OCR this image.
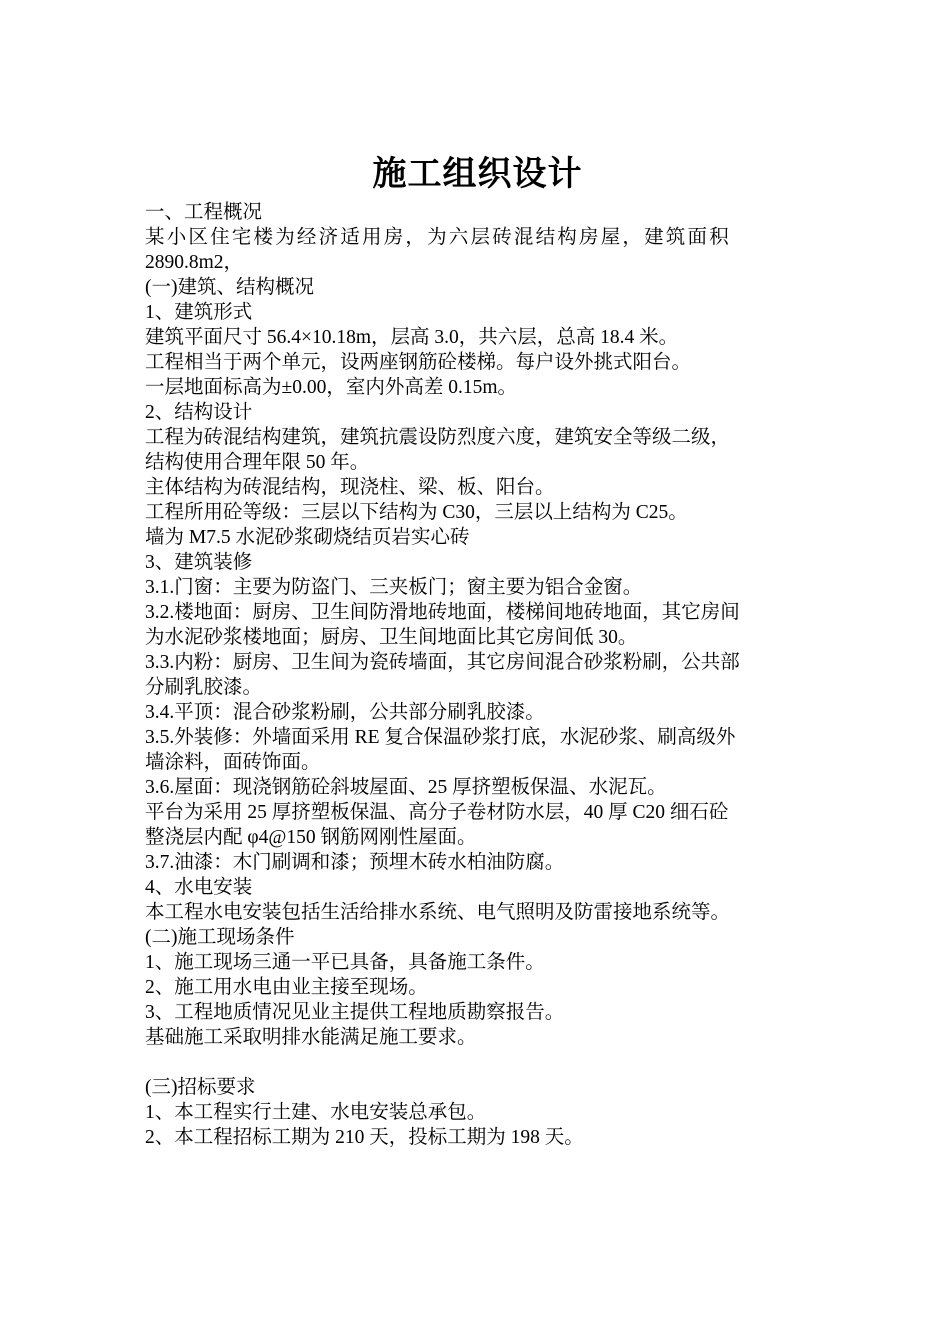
施工组织设计
一、工程概况
某小区住宅楼为经济适用房，为六层砖混结构房屋，建筑面积
2890.8m2，
(一)建筑、结构概况
1、建筑形式
建筑平面尺寸 56.4×10.18m，层高 3.0，共六层，总高 18.4 米。
工程相当于两个单元，设两座钢筋砼楼梯。每户设外挑式阳台。
一层地面标高为±0.00，室内外高差 0.15m。
2、结构设计
工程为砖混结构建筑，建筑抗震设防烈度六度，建筑安全等级二级，
结构使用合理年限 50 年。
主体结构为砖混结构，现浇柱、梁、板、阳台。
工程所用砼等级：三层以下结构为 C30，三层以上结构为 C25。
墙为 M7.5 水泥砂浆砌烧结页岩实心砖
3、建筑装修
3.1.门窗：主要为防盗门、三夹板门；窗主要为铝合金窗。
3.2.楼地面：厨房、卫生间防滑地砖地面，楼梯间地砖地面，其它房间
为水泥砂浆楼地面；厨房、卫生间地面比其它房间低 30。
3.3.内粉：厨房、卫生间为瓷砖墙面，其它房间混合砂浆粉刷，公共部
分刷乳胶漆。
3.4.平顶：混合砂浆粉刷，公共部分刷乳胶漆。
3.5.外装修：外墙面采用 RE 复合保温砂浆打底，水泥砂浆、刷高级外
墙涂料，面砖饰面。
3.6.屋面：现浇钢筋砼斜坡屋面、25 厚挤塑板保温、水泥瓦。
平台为采用 25 厚挤塑板保温、高分子卷材防水层，40 厚 C20 细石砼
整浇层内配 φ4@150 钢筋网刚性屋面。
3.7.油漆：木门刷调和漆；预埋木砖水柏油防腐。
4、水电安装
本工程水电安装包括生活给排水系统、电气照明及防雷接地系统等。
(二)施工现场条件
1、施工现场三通一平已具备，具备施工条件。
2、施工用水电由业主接至现场。
3、工程地质情况见业主提供工程地质勘察报告。
基础施工采取明排水能满足施工要求。
(三)招标要求
1、本工程实行土建、水电安装总承包。
2、本工程招标工期为 210 天，投标工期为 198 天。
